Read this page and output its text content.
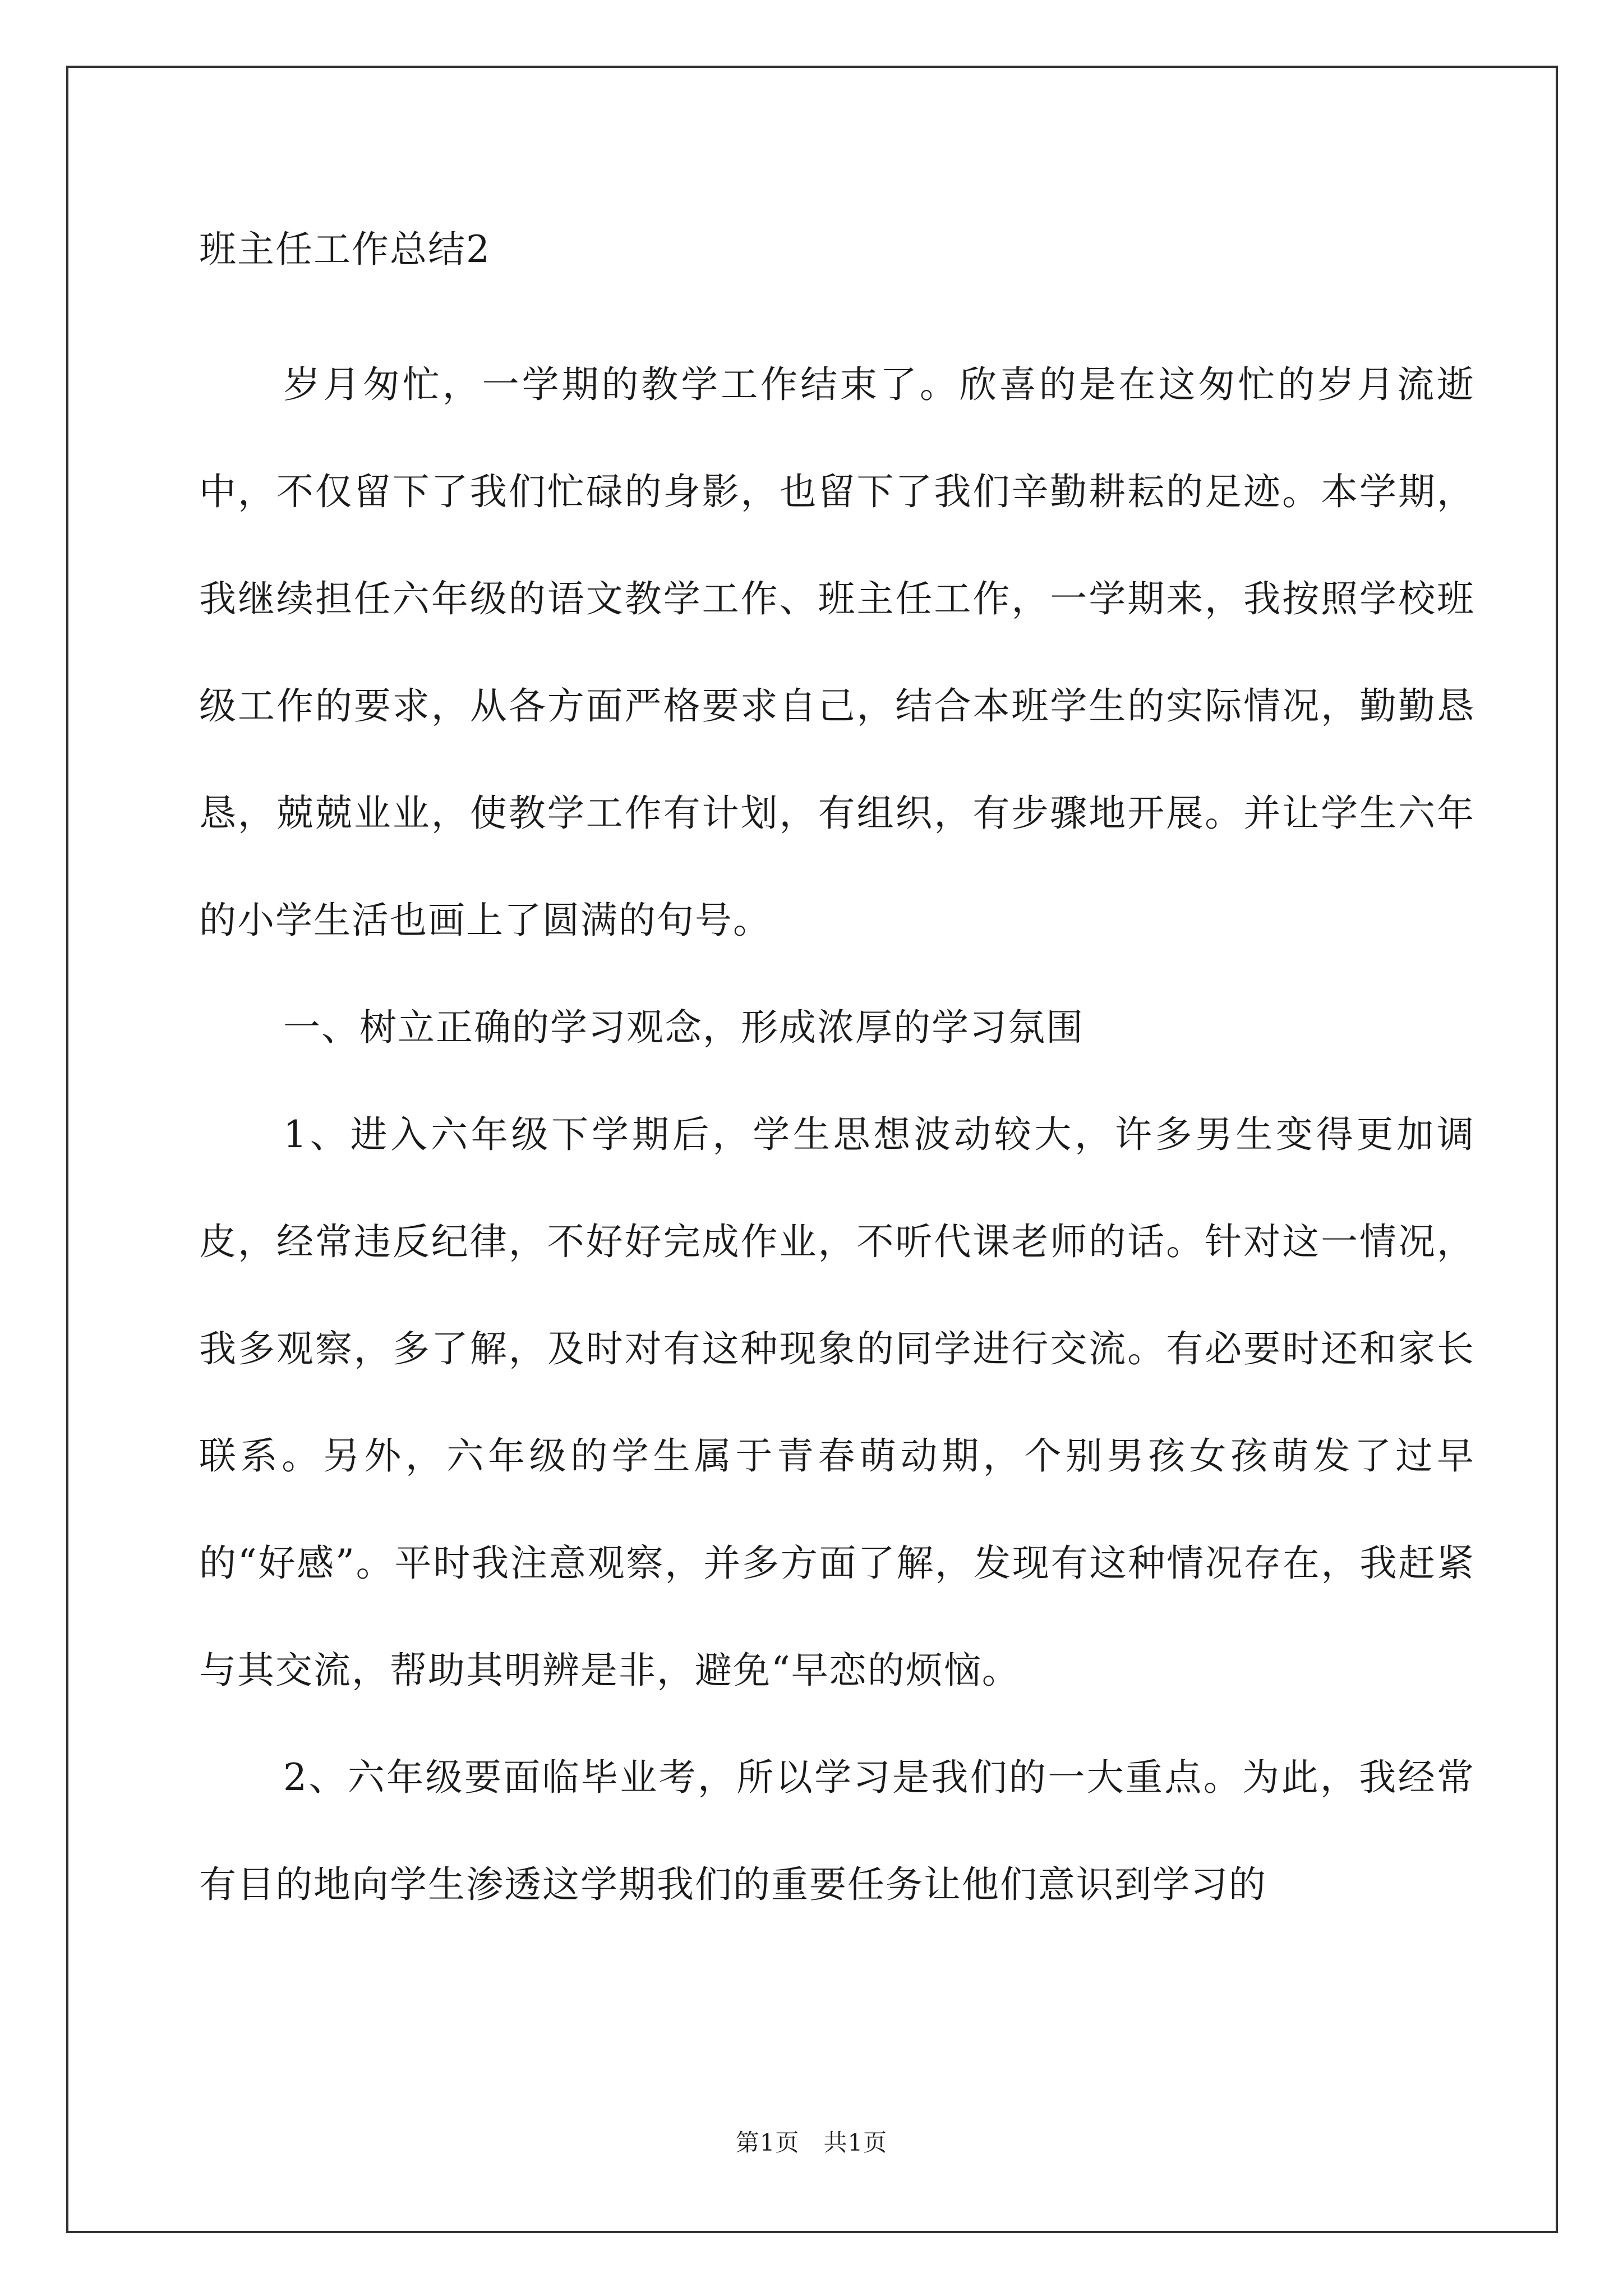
班主任工作总结2

岁月匆忙，一学期的教学工作结束了。欣喜的是在这匆忙的岁月流逝中，不仅留下了我们忙碌的身影，也留下了我们辛勤耕耘的足迹。本学期，我继续担任六年级的语文教学工作、班主任工作，一学期来，我按照学校班级工作的要求，从各方面严格要求自己，结合本班学生的实际情况，勤勤恳恳，兢兢业业，使教学工作有计划，有组织，有步骤地开展。并让学生六年的小学生活也画上了圆满的句号。

一、树立正确的学习观念，形成浓厚的学习氛围

1、进入六年级下学期后，学生思想波动较大，许多男生变得更加调皮，经常违反纪律，不好好完成作业，不听代课老师的话。针对这一情况，我多观察，多了解，及时对有这种现象的同学进行交流。有必要时还和家长联系。另外，六年级的学生属于青春萌动期，个别男孩女孩萌发了过早的“好感”。平时我注意观察，并多方面了解，发现有这种情况存在，我赶紧与其交流，帮助其明辨是非，避免“早恋的烦恼。

2、六年级要面临毕业考，所以学习是我们的一大重点。为此，我经常有目的地向学生渗透这学期我们的重要任务让他们意识到学习的

第1页　共1页
